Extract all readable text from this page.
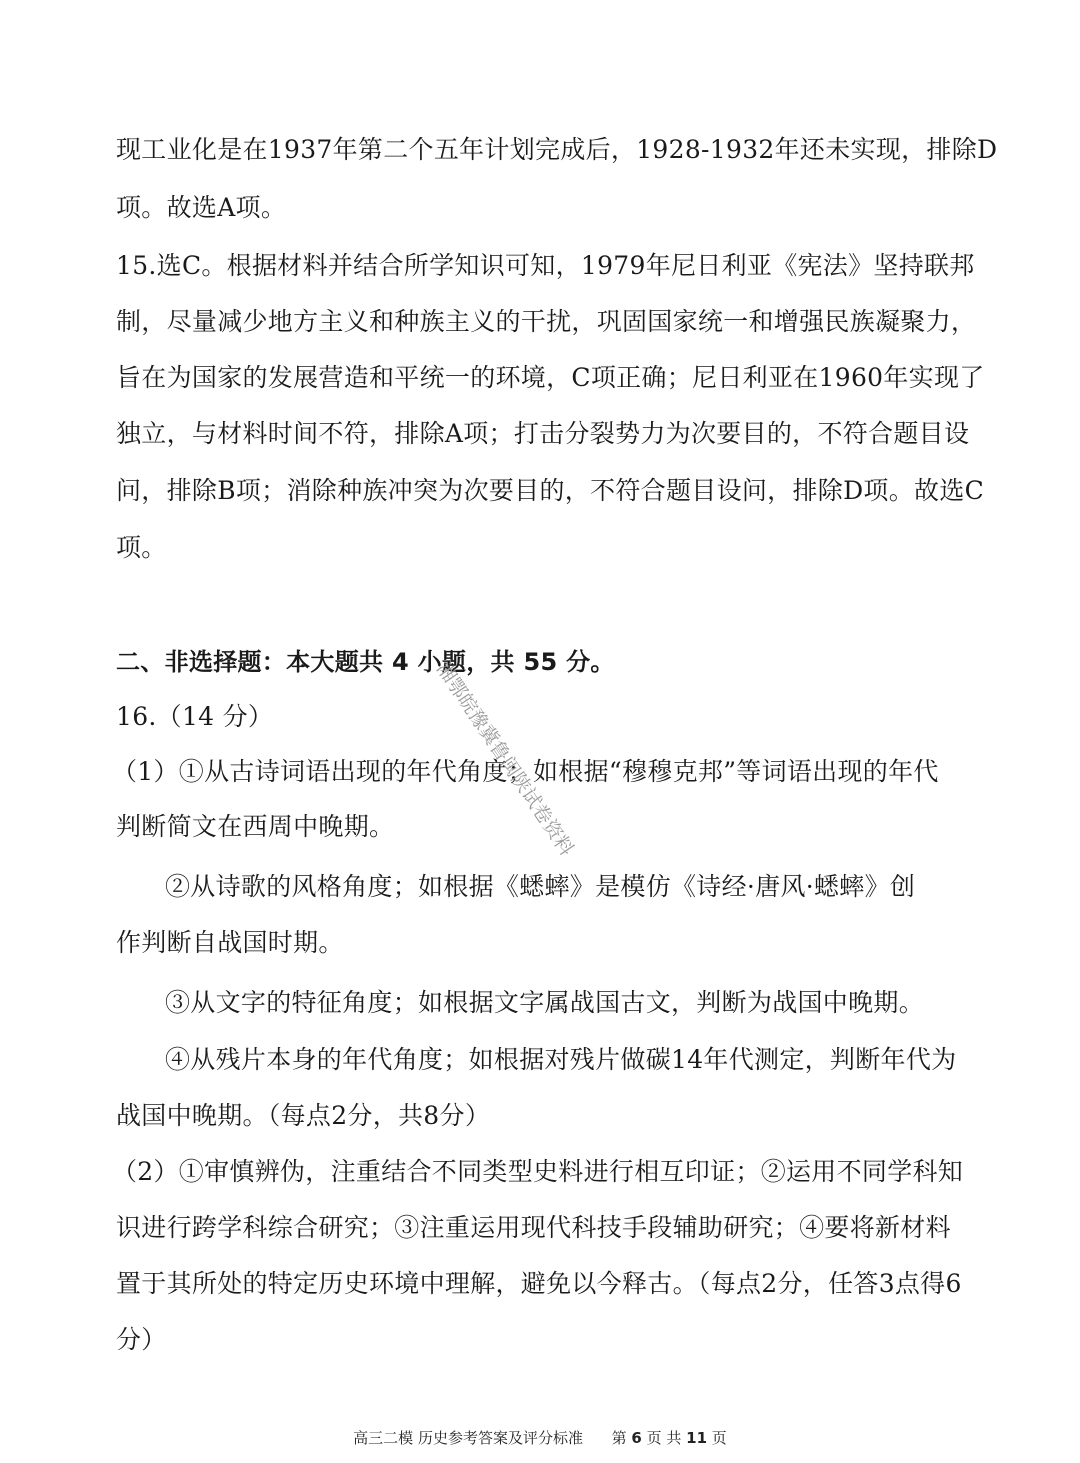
现工业化是在1937年第二个五年计划完成后，1928-1932年还未实现，排除D
项。故选A项。
15.选C。根据材料并结合所学知识可知，1979年尼日利亚《宪法》坚持联邦
制，尽量减少地方主义和种族主义的干扰，巩固国家统一和增强民族凝聚力，
旨在为国家的发展营造和平统一的环境，C项正确；尼日利亚在1960年实现了
独立，与材料时间不符，排除A项；打击分裂势力为次要目的，不符合题目设
问，排除B项；消除种族冲突为次要目的，不符合题目设问，排除D项。故选C
项。
二、非选择题：本大题共 4 小题，共 55 分。
16.（14 分）
（1）①从古诗词语出现的年代角度；如根据“穆穆克邦”等词语出现的年代
判断简文在西周中晚期。
②从诗歌的风格角度；如根据《蟋蟀》是模仿《诗经·唐风·蟋蟀》创
作判断自战国时期。
③从文字的特征角度；如根据文字属战国古文，判断为战国中晚期。
④从残片本身的年代角度；如根据对残片做碳14年代测定，判断年代为
战国中晚期。（每点2分，共8分）
（2）①审慎辨伪，注重结合不同类型史料进行相互印证；②运用不同学科知
识进行跨学科综合研究；③注重运用现代科技手段辅助研究；④要将新材料
置于其所处的特定历史环境中理解，避免以今释古。（每点2分，任答3点得6
分）
湘鄂皖豫冀鲁闽陕试卷资料
高三二模 历史参考答案及评分标准 第 6 页 共 11 页
